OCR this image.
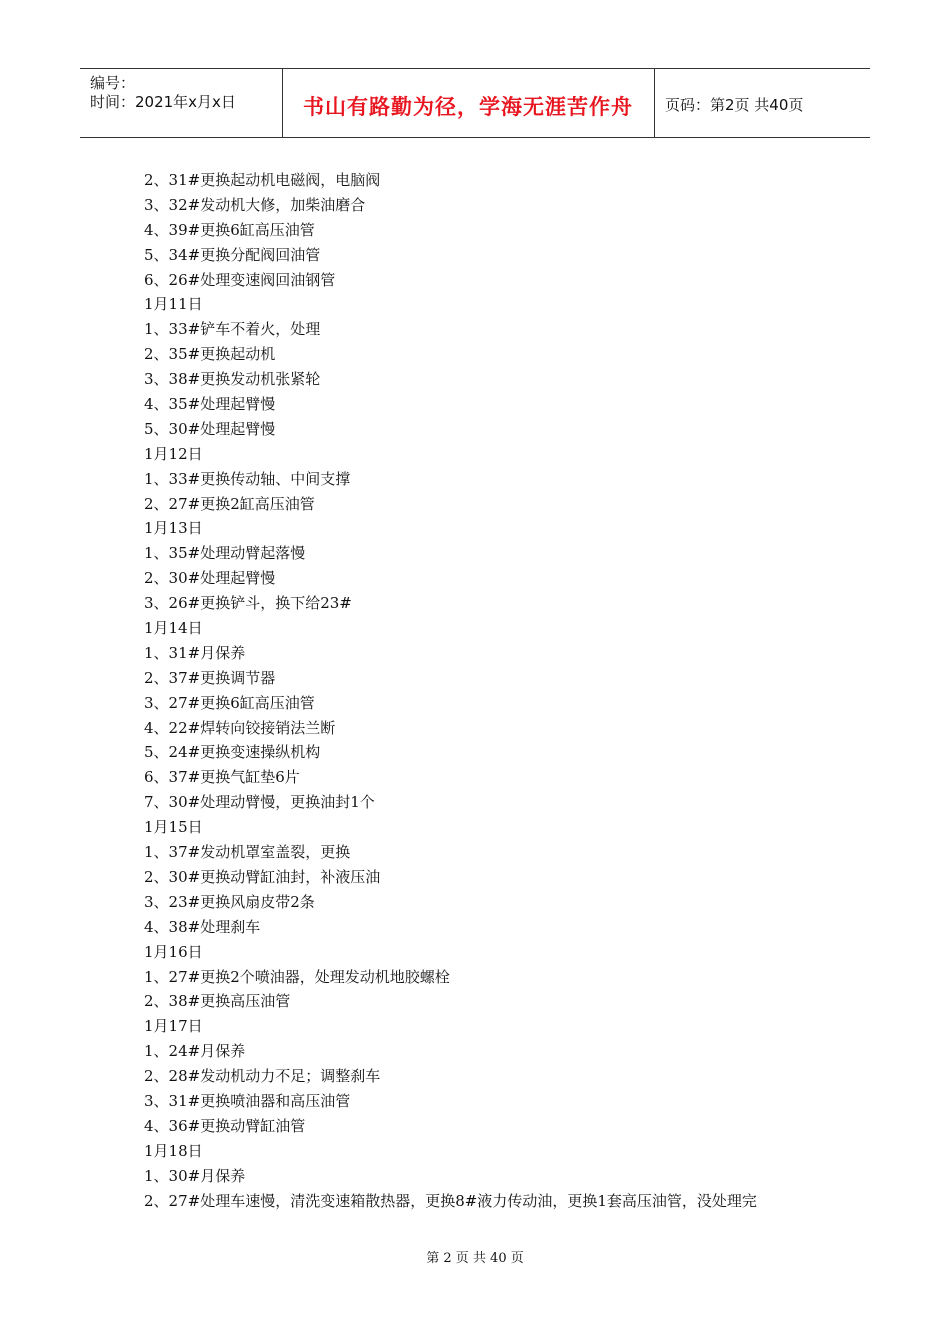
编号：
时间：2021年x月x日	书山有路勤为径，学海无涯苦作舟	页码：第2页 共40页
2、31#更换起动机电磁阀，电脑阀
3、32#发动机大修，加柴油磨合
4、39#更换6缸高压油管
5、34#更换分配阀回油管
6、26#处理变速阀回油钢管
1月11日
1、33#铲车不着火，处理
2、35#更换起动机
3、38#更换发动机张紧轮
4、35#处理起臂慢
5、30#处理起臂慢
1月12日
1、33#更换传动轴、中间支撑
2、27#更换2缸高压油管
1月13日
1、35#处理动臂起落慢
2、30#处理起臂慢
3、26#更换铲斗，换下给23#
1月14日
1、31#月保养
2、37#更换调节器
3、27#更换6缸高压油管
4、22#焊转向铰接销法兰断
5、24#更换变速操纵机构
6、37#更换气缸垫6片
7、30#处理动臂慢，更换油封1个
1月15日
1、37#发动机罩室盖裂，更换
2、30#更换动臂缸油封，补液压油
3、23#更换风扇皮带2条
4、38#处理刹车
1月16日
1、27#更换2个喷油器，处理发动机地胶螺栓
2、38#更换高压油管
1月17日
1、24#月保养
2、28#发动机动力不足；调整刹车
3、31#更换喷油器和高压油管
4、36#更换动臂缸油管
1月18日
1、30#月保养
2、27#处理车速慢，清洗变速箱散热器，更换8#液力传动油，更换1套高压油管，没处理完
第 2 页 共 40 页
